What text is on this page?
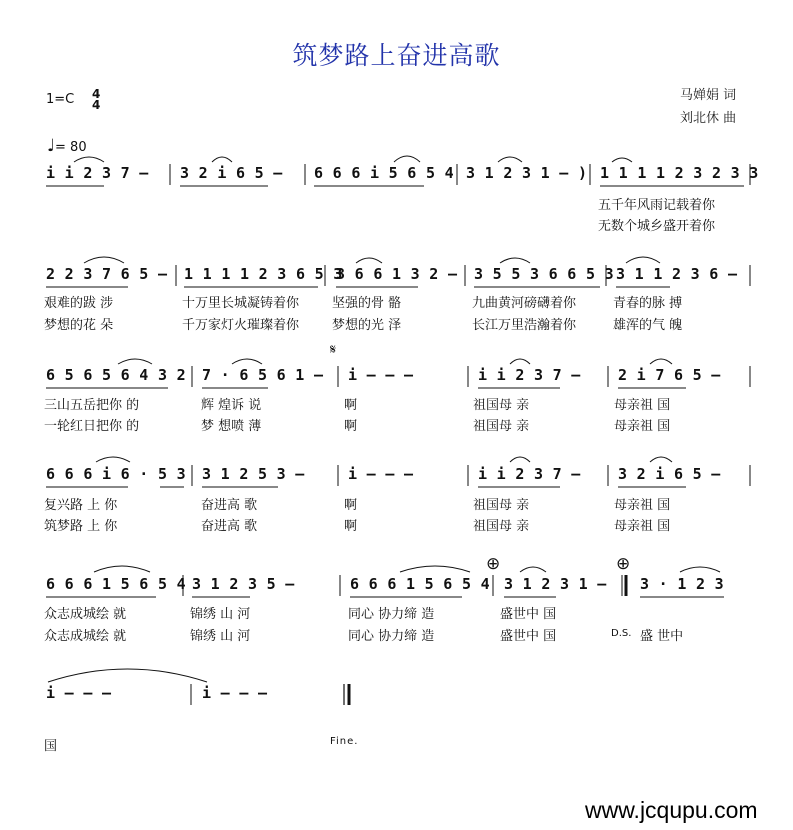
筑梦路上奋进高歌
马婵娟 词
刘北休 曲
1=C 4
4
♩= 80
i i 2 3 7 – 3 2 i 6 5 – 6 6 6 i 5 6 5 4 3 1 2 3 1 – ) 1 1 1 1 2 3 2 3 3
五千年风雨记载着你
无数个城乡盛开着你
2 2 3 7 6 5 – 1 1 1 1 2 3 6 5 3
3 6 6 1 3 2 – 3 5 5 3 6 6 5 3 3 1 1 2 3 6 –
艰难的跋 涉	十万里长城凝铸着你	坚强的骨 骼	九曲黄河磅礴着你	青春的脉 搏
梦想的花 朵	千万家灯火璀璨着你	梦想的光 泽	长江万里浩瀚着你	雄浑的气 魄
𝄋
6 5 6 5 6 4 3 2 7 · 6 5 6 1 – i – – –	i i 2 3 7 – 2 i 7 6 5 –
三山五岳把你 的	辉 煌诉 说	啊	祖国母 亲	母亲祖 国
一轮红日把你 的	梦 想喷 薄	啊	祖国母 亲	母亲祖 国
6 6 6 i 6 · 5 3 3 1 2 5 3 –	i – – –	i i 2 3 7 – 3 2 i 6 5 –
复兴路 上 你	奋进高 歌	啊	祖国母 亲	母亲祖 国
筑梦路 上 你	奋进高 歌	啊	祖国母 亲	母亲祖 国
⊕	⊕
6 6 6 1 5 6 5 4 3 1 2 3 5 –	6 6 6 1 5 6 5 4 3 1 2 3 1 – 3 · 1 2 3
众志成城绘 就	锦绣 山 河	同心 协力缔 造	盛世中 国
众志成城绘 就	锦绣 山 河	同心 协力缔 造	盛世中 国	D.S. 盛 世中
i – – –	i – – –
国	Fine.
www.jcqupu.com
